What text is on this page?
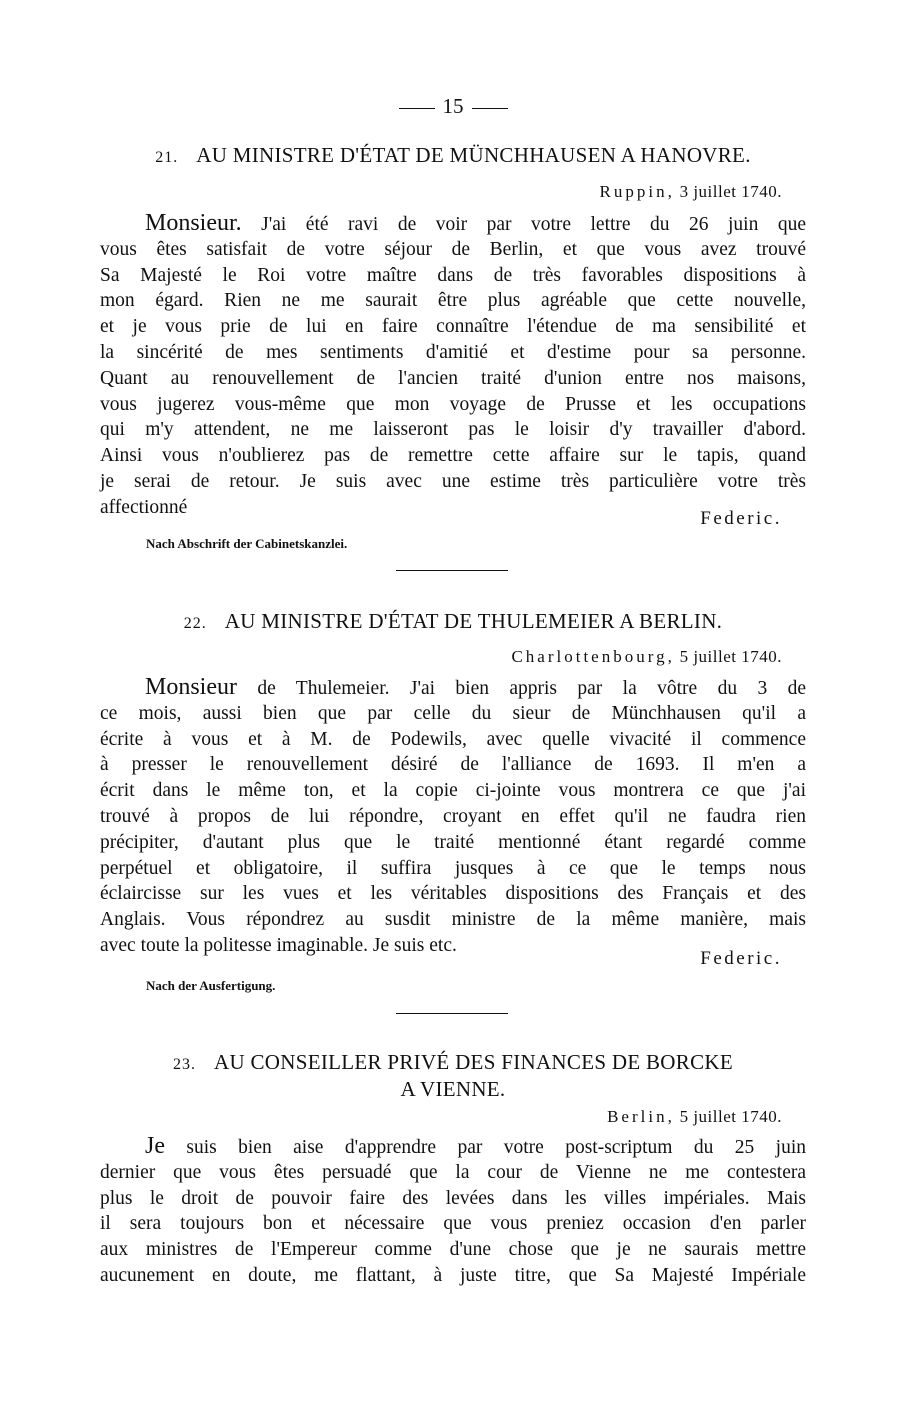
15
21. AU MINISTRE D'ÉTAT DE MÜNCHHAUSEN A HANOVRE.
Ruppin, 3 juillet 1740.
Monsieur. J'ai été ravi de voir par votre lettre du 26 juin que
vous êtes satisfait de votre séjour de Berlin, et que vous avez trouvé
Sa Majesté le Roi votre maître dans de très favorables dispositions à
mon égard. Rien ne me saurait être plus agréable que cette nouvelle,
et je vous prie de lui en faire connaître l'étendue de ma sensibilité et
la sincérité de mes sentiments d'amitié et d'estime pour sa personne.
Quant au renouvellement de l'ancien traité d'union entre nos maisons,
vous jugerez vous-même que mon voyage de Prusse et les occupations
qui m'y attendent, ne me laisseront pas le loisir d'y travailler d'abord.
Ainsi vous n'oublierez pas de remettre cette affaire sur le tapis, quand
je serai de retour. Je suis avec une estime très particulière votre très
affectionné
Federic.
Nach Abschrift der Cabinetskanzlei.
22. AU MINISTRE D'ÉTAT DE THULEMEIER A BERLIN.
Charlottenbourg, 5 juillet 1740.
Monsieur de Thulemeier. J'ai bien appris par la vôtre du 3 de
ce mois, aussi bien que par celle du sieur de Münchhausen qu'il a
écrite à vous et à M. de Podewils, avec quelle vivacité il commence
à presser le renouvellement désiré de l'alliance de 1693. Il m'en a
écrit dans le même ton, et la copie ci-jointe vous montrera ce que j'ai
trouvé à propos de lui répondre, croyant en effet qu'il ne faudra rien
précipiter, d'autant plus que le traité mentionné étant regardé comme
perpétuel et obligatoire, il suffira jusques à ce que le temps nous
éclaircisse sur les vues et les véritables dispositions des Français et des
Anglais. Vous répondrez au susdit ministre de la même manière, mais
avec toute la politesse imaginable. Je suis etc.
Federic.
Nach der Ausfertigung.
23. AU CONSEILLER PRIVÉ DES FINANCES DE BORCKE
A VIENNE.
Berlin, 5 juillet 1740.
Je suis bien aise d'apprendre par votre post-scriptum du 25 juin
dernier que vous êtes persuadé que la cour de Vienne ne me contestera
plus le droit de pouvoir faire des levées dans les villes impériales. Mais
il sera toujours bon et nécessaire que vous preniez occasion d'en parler
aux ministres de l'Empereur comme d'une chose que je ne saurais mettre
aucunement en doute, me flattant, à juste titre, que Sa Majesté Impériale
